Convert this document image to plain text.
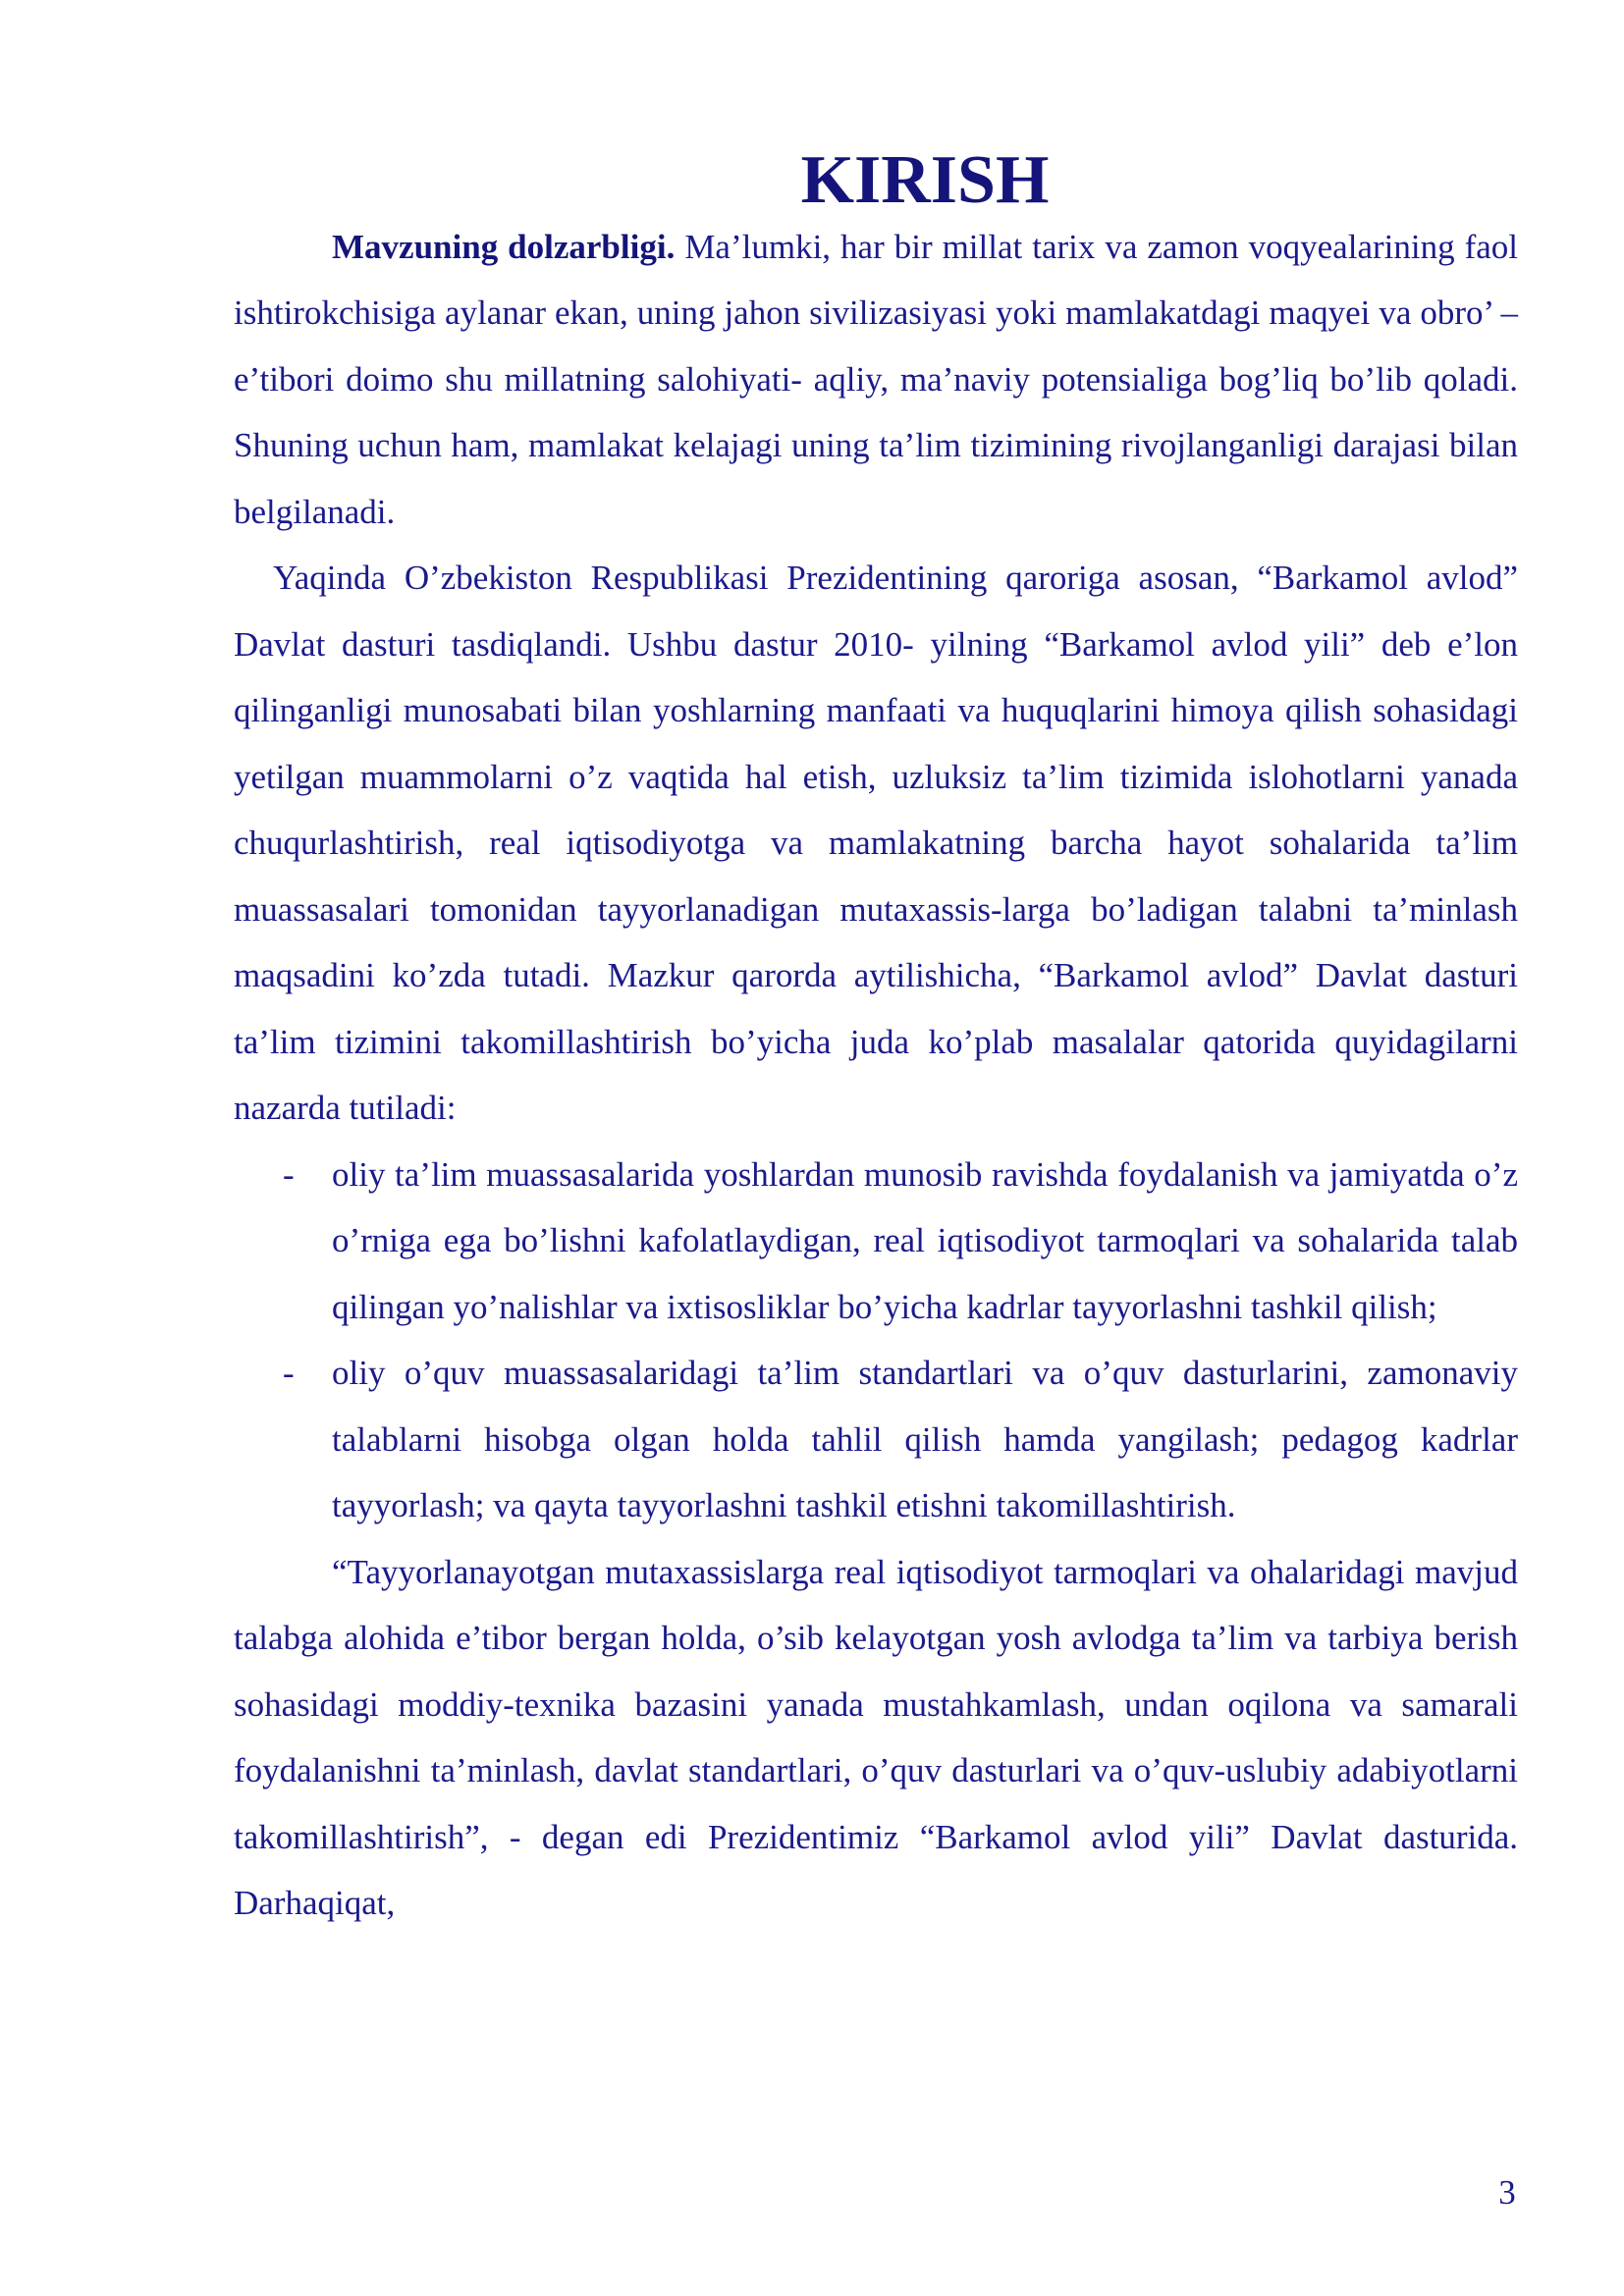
KIRISH

Mavzuning dolzarbligi. Ma’lumki, har bir millat tarix va zamon voqyealarining faol ishtirokchisiga aylanar ekan, uning jahon sivilizasiyasi yoki mamlakatdagi maqyei va obro’ – e’tibori doimo shu millatning salohiyati- aqliy, ma’naviy potensialiga bog’liq bo’lib qoladi. Shuning uchun ham, mamlakat kelajagi uning ta’lim tizimining rivojlanganligi darajasi bilan belgilanadi.

Yaqinda O’zbekiston Respublikasi Prezidentining qaroriga asosan, “Barkamol avlod” Davlat dasturi tasdiqlandi. Ushbu dastur 2010- yilning “Barkamol avlod yili” deb e’lon qilinganligi munosabati bilan yoshlarning manfaati va huquqlarini himoya qilish sohasidagi yetilgan muammolarni o’z vaqtida hal etish, uzluksiz ta’lim tizimida islohotlarni yanada chuqurlashtirish, real iqtisodiyotga va mamlakatning barcha hayot sohalarida ta’lim muassasalari tomonidan tayyorlanadigan mutaxassis-larga bo’ladigan talabni ta’minlash maqsadini ko’zda tutadi. Mazkur qarorda aytilishicha, “Barkamol avlod” Davlat dasturi ta’lim tizimini takomillashtirish bo’yicha juda ko’plab masalalar qatorida quyidagilarni nazarda tutiladi:

- oliy ta’lim muassasalarida yoshlardan munosib ravishda foydalanish va jamiyatda o’z o’rniga ega bo’lishni kafolatlaydigan, real iqtisodiyot tarmoqlari va sohalarida talab qilingan yo’nalishlar va ixtisosliklar bo’yicha kadrlar tayyorlashni tashkil qilish;
- oliy o’quv muassasalaridagi ta’lim standartlari va o’quv dasturlarini, zamonaviy talablarni hisobga olgan holda tahlil qilish hamda yangilash; pedagog kadrlar tayyorlash; va qayta tayyorlashni tashkil etishni takomillashtirish.

“Tayyorlanayotgan mutaxassislarga real iqtisodiyot tarmoqlari va ohalaridagi mavjud talabga alohida e’tibor bergan holda, o’sib kelayotgan yosh avlodga ta’lim va tarbiya berish sohasidagi moddiy-texnika bazasini yanada mustahkamlash, undan oqilona va samarali foydalanishni ta’minlash, davlat standartlari, o’quv dasturlari va o’quv-uslubiy adabiyotlarni takomillashtirish”, - degan edi Prezidentimiz “Barkamol avlod yili” Davlat dasturida. Darhaqiqat,

3
